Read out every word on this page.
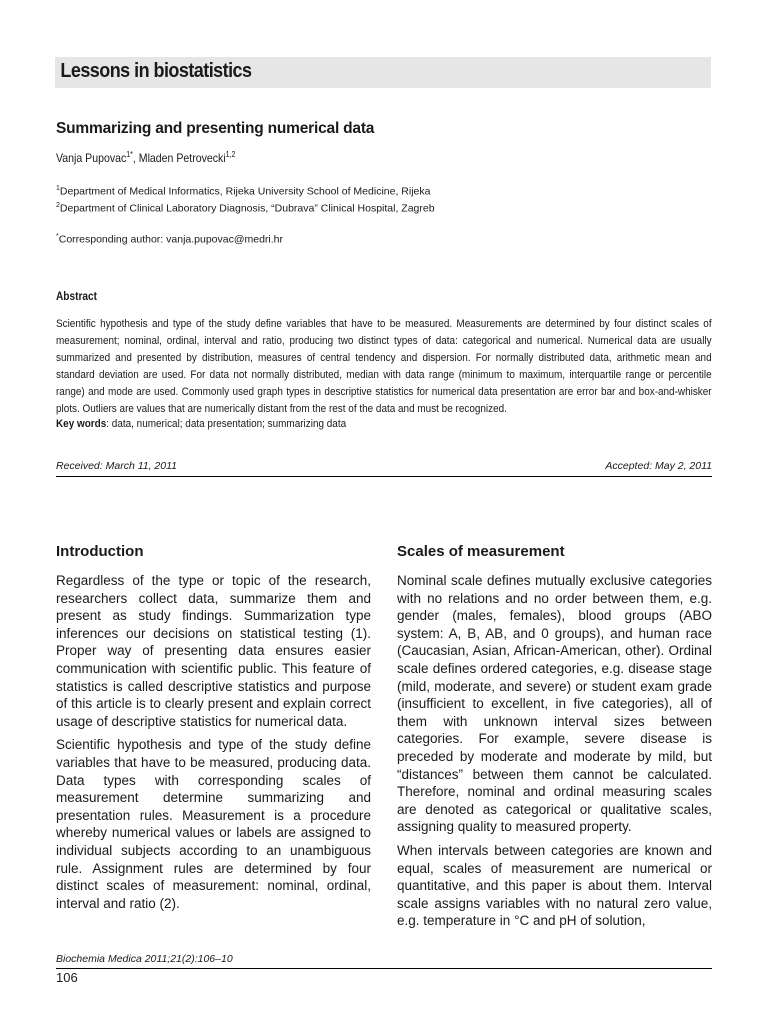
Lessons in biostatistics
Summarizing and presenting numerical data

Vanja Pupovac$^{1*}$, Mladen Petrovecki$^{1,2}$

$^1$Department of Medical Informatics, Rijeka University School of Medicine, Rijeka

$^2$Department of Clinical Laboratory Diagnosis, “Dubrava” Clinical Hospital, Zagreb

*Corresponding author: vanja.pupovac@medri.hr

Abstract

Scientific hypothesis and type of the study define variables that have to be measured. Measurements are determined by four distinct scales of measurement; nominal, ordinal, interval and ratio, producing two distinct types of data: categorical and numerical. Numerical data are usually summarized and presented by distribution, measures of central tendency and dispersion. For normally distributed data, arithmetic mean and standard deviation are used. For data not normally distributed, median with data range (minimum to maximum, interquartile range or percentile range) and mode are used. Commonly used graph types in descriptive statistics for numerical data presentation are error bar and box-and-whisker plots. Outliers are values that are numerically distant from the rest of the data and must be recognized.

Key words: data, numerical; data presentation; summarizing data

Received: March 11, 2011	Accepted: May 2, 2011
Introduction

Regardless of the type or topic of the research, researchers collect data, summarize them and present as study findings. Summarization type inferences our decisions on statistical testing (1). Proper way of presenting data ensures easier communication with scientific public. This feature of statistics is called descriptive statistics and purpose of this article is to clearly present and explain correct usage of descriptive statistics for numerical data.

Scientific hypothesis and type of the study define variables that have to be measured, producing data. Data types with corresponding scales of measurement determine summarizing and presentation rules. Measurement is a procedure whereby numerical values or labels are assigned to individual subjects according to an unambiguous rule. Assignment rules are determined by four distinct scales of measurement: nominal, ordinal, interval and ratio (2).

Scales of measurement

Nominal scale defines mutually exclusive categories with no relations and no order between them, e.g. gender (males, females), blood groups (ABO system: A, B, AB, and 0 groups), and human race (Caucasian, Asian, African-American, other). Ordinal scale defines ordered categories, e.g. disease stage (mild, moderate, and severe) or student exam grade (insufficient to excellent, in five categories), all of them with unknown interval sizes between categories. For example, severe disease is preceded by moderate and moderate by mild, but “distances” between them cannot be calculated. Therefore, nominal and ordinal measuring scales are denoted as categorical or qualitative scales, assigning quality to measured property.

When intervals between categories are known and equal, scales of measurement are numerical or quantitative, and this paper is about them. Interval scale assigns variables with no natural zero value, e.g. temperature in °C and pH of solution,

Biochemia Medica 2011;21(2):106–10

106
